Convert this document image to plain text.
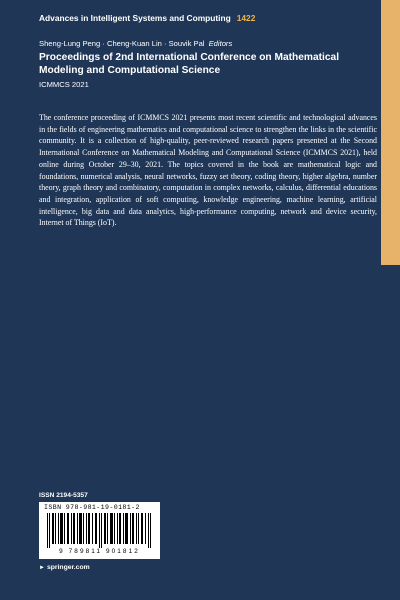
Advances in Intelligent Systems and Computing 1422
Sheng-Lung Peng · Cheng-Kuan Lin · Souvik Pal Editors
Proceedings of 2nd International Conference on Mathematical Modeling and Computational Science
ICMMCS 2021

The conference proceeding of ICMMCS 2021 presents most recent scientific and technological advances in the fields of engineering mathematics and computational science to strengthen the links in the scientific community. It is a collection of high-quality, peer-reviewed research papers presented at the Second International Conference on Mathematical Modeling and Computational Science (ICMMCS 2021), held online during October 29–30, 2021. The topics covered in the book are mathematical logic and foundations, numerical analysis, neural networks, fuzzy set theory, coding theory, higher algebra, number theory, graph theory and combinatory, computation in complex networks, calculus, differential educations and integration, application of soft computing, knowledge engineering, machine learning, artificial intelligence, big data and data analytics, high-performance computing, network and device security, Internet of Things (IoT).

ISSN 2194-5357
ISBN 978-981-19-0181-2
9 789811 901812
► springer.com
